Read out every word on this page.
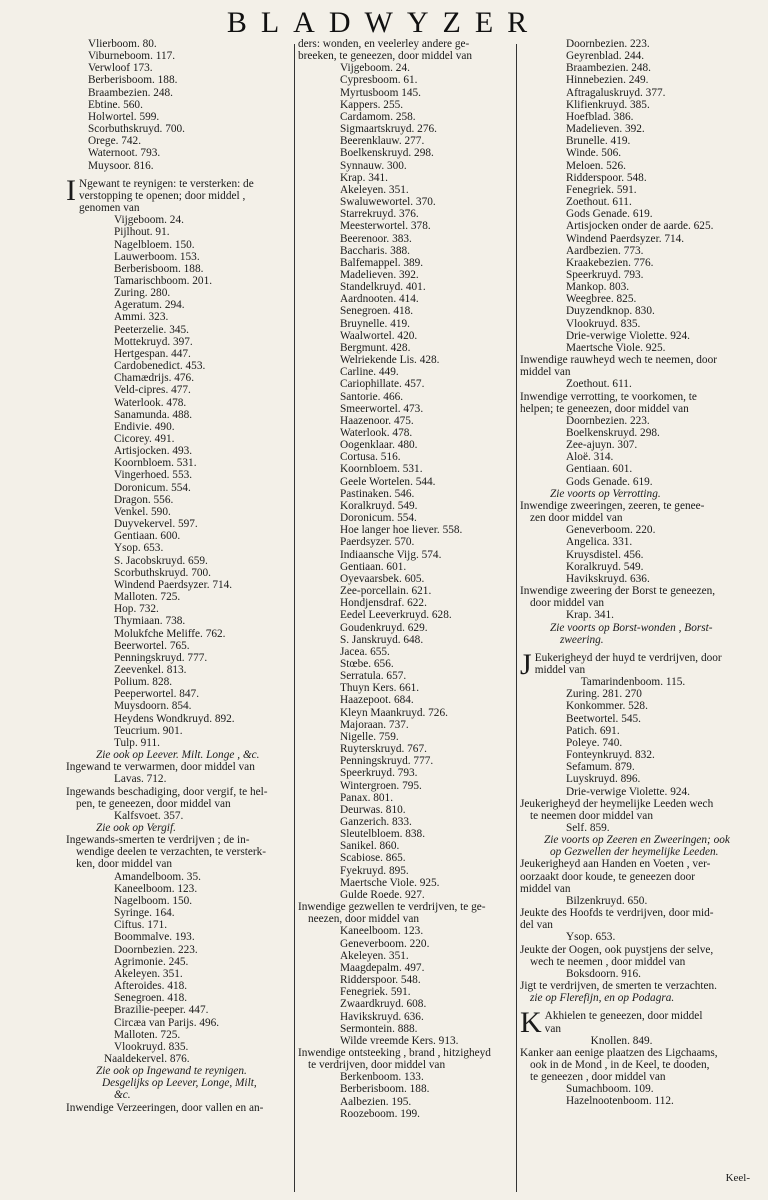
BLADWYZER
Vlierboom. 80.
Viburneboom. 117.
Verwloof 173.
Berberisboom. 188.
Braambezien. 248.
Ebtine. 560.
Holwortel. 599.
Scorbuthskruyd. 700.
Orege. 742.
Waternoot. 793.
Muysoor. 816.
I Ngewant te reynigen: te versterken: de
verstopping te openen; door middel ,
genomen van
Vijgeboom. 24.
Pijlhout. 91.
Nagelbloem. 150.
Lauwerboom. 153.
Berberisboom. 188.
Tamarischboom. 201.
Zuring. 280.
Ageratum. 294.
Ammi. 323.
Peeterzelie. 345.
Mottekruyd. 397.
Hertgespan. 447.
Cardobenedict. 453.
Chamædrijs. 476.
Veld-cipres. 477.
Waterlook. 478.
Sanamunda. 488.
Endivie. 490.
Cicorey. 491.
Artisjocken. 493.
Koornbloem. 531.
Vingerhoed. 553.
Doronicum. 554.
Dragon. 556.
Venkel. 590.
Duyvekervel. 597.
Gentiaan. 600.
Ysop. 653.
S. Jacobskruyd. 659.
Scorbuthskruyd. 700.
Windend Paerdsyzer. 714.
Malloten. 725.
Hop. 732.
Thymiaan. 738.
Molukfche Meliffe. 762.
Beerwortel. 765.
Penningskruyd. 777.
Zeevenkel. 813.
Polium. 828.
Peeperwortel. 847.
Muysdoorn. 854.
Heydens Wondkruyd. 892.
Teucrium. 901.
Tulp. 911.
Zie ook op Leever. Milt. Longe , &c.
Ingewand te verwarmen, door middel van
Lavas. 712.
Ingewands beschadiging, door vergif, te hel-
pen, te geneezen, door middel van
Kalfsvoet. 357.
Zie ook op Vergif.
Ingewands-smerten te verdrijven ; de in-
wendige deelen te verzachten, te versterk-
ken, door middel van
Amandelboom. 35.
Kaneelboom. 123.
Nagelboom. 150.
Syringe. 164.
Ciftus. 171.
Boommalve. 193.
Doornbezien. 223.
Agrimonie. 245.
Akeleyen. 351.
Afteroides. 418.
Senegroen. 418.
Brazilie-peeper. 447.
Circæa van Parijs. 496.
Malloten. 725.
Vlookruyd. 835.
Naaldekervel. 876.
Zie ook op Ingewand te reynigen.
Desgelijks op Leever, Longe, Milt,
&c.
Inwendige Verzeeringen, door vallen en an-
ders: wonden, en veelerley andere ge-
breeken, te geneezen, door middel van
Vijgeboom. 24.
Cypresboom. 61.
Myrtusboom 145.
Kappers. 255.
Cardamom. 258.
Sigmaartskruyd. 276.
Beerenklauw. 277.
Boelkenskruyd. 298.
Synnauw. 300.
Krap. 341.
Akeleyen. 351.
Swaluwewortel. 370.
Starrekruyd. 376.
Meesterwortel. 378.
Beerenoor. 383.
Baccharis. 388.
Balfemappel. 389.
Madelieven. 392.
Standelkruyd. 401.
Aardnooten. 414.
Senegroen. 418.
Bruynelle. 419.
Waalwortel. 420.
Bergmunt. 428.
Welriekende Lis. 428.
Carline. 449.
Cariophillate. 457.
Santorie. 466.
Smeerwortel. 473.
Haazenoor. 475.
Waterlook. 478.
Oogenklaar. 480.
Cortusa. 516.
Koornbloem. 531.
Geele Wortelen. 544.
Pastinaken. 546.
Koralkruyd. 549.
Doronicum. 554.
Hoe langer hoe liever. 558.
Paerdsyzer. 570.
Indiaansche Vijg. 574.
Gentiaan. 601.
Oyevaarsbek. 605.
Zee-porcellain. 621.
Hondjensdraf. 622.
Eedel Leeverkruyd. 628.
Goudenkruyd. 629.
S. Janskruyd. 648.
Jacea. 655.
Stœbe. 656.
Serratula. 657.
Thuyn Kers. 661.
Haazepoot. 684.
Kleyn Maankruyd. 726.
Majoraan. 737.
Nigelle. 759.
Ruyterskruyd. 767.
Penningskruyd. 777.
Speerkruyd. 793.
Wintergroen. 795.
Panax. 801.
Deurwas. 810.
Ganzerich. 833.
Sleutelbloem. 838.
Sanikel. 860.
Scabiose. 865.
Fyekruyd. 895.
Maertsche Viole. 925.
Gulde Roede. 927.
Inwendige gezwellen te verdrijven, te ge-
neezen, door middel van
Kaneelboom. 123.
Geneverboom. 220.
Akeleyen. 351.
Maagdepalm. 497.
Ridderspoor. 548.
Fenegriek. 591.
Zwaardkruyd. 608.
Havikskruyd. 636.
Sermontein. 888.
Wilde vreemde Kers. 913.
Inwendige ontsteeking , brand , hitzigheyd
te verdrijven, door middel van
Berkenboom. 133.
Berberisboom. 188.
Aalbezien. 195.
Roozeboom. 199.
Doornbezien. 223.
Geyrenblad. 244.
Braambezien. 248.
Hinnebezien. 249.
Aftragaluskruyd. 377.
Klifienkruyd. 385.
Hoefblad. 386.
Madelieven. 392.
Brunelle. 419.
Winde. 506.
Meloen. 526.
Ridderspoor. 548.
Fenegriek. 591.
Zoethout. 611.
Gods Genade. 619.
Artisjocken onder de aarde. 625.
Windend Paerdsyzer. 714.
Aardbezien. 773.
Kraakebezien. 776.
Speerkruyd. 793.
Mankop. 803.
Weegbree. 825.
Duyzendknop. 830.
Vlookruyd. 835.
Drie-verwige Violette. 924.
Maertsche Viole. 925.
Inwendige rauwheyd wech te neemen, door
middel van
Zoethout. 611.
Inwendige verrotting, te voorkomen, te
helpen; te geneezen, door middel van
Doornbezien. 223.
Boelkenskruyd. 298.
Zee-ajuyn. 307.
Aloë. 314.
Gentiaan. 601.
Gods Genade. 619.
Zie voorts op Verrotting.
Inwendige zweeringen, zeeren, te genee-
zen door middel van
Geneverboom. 220.
Angelica. 331.
Kruysdistel. 456.
Koralkruyd. 549.
Havikskruyd. 636.
Inwendige zweering der Borst te geneezen,
door middel van
Krap. 341.
Zie voorts op Borst-wonden , Borst-
zweering.
J Eukerigheyd der huyd te verdrijven, door
middel van
Tamarindenboom. 115.
Zuring. 281. 270
Konkommer. 528.
Beetwortel. 545.
Patich. 691.
Poleye. 740.
Fonteynkruyd. 832.
Sefamum. 879.
Luyskruyd. 896.
Drie-verwige Violette. 924.
Jeukerigheyd der heymelijke Leeden wech
te neemen door middel van
Self. 859.
Zie voorts op Zeeren en Zweeringen; ook
op Gezwellen der heymelijke Leeden.
Jeukerigheyd aan Handen en Voeten , ver-
oorzaakt door koude, te geneezen door
middel van
Bilzenkruyd. 650.
Jeukte des Hoofds te verdrijven, door mid-
del van
Ysop. 653.
Jeukte der Oogen, ook puystjens der selve,
wech te neemen , door middel van
Boksdoorn. 916.
Jigt te verdrijven, de smerten te verzachten.
zie op Flerefijn, en op Podagra.
K Akhielen te geneezen, door middel
van
Knollen. 849.
Kanker aan eenige plaatzen des Ligchaams,
ook in de Mond , in de Keel, te dooden,
te geneezen , door middel van
Sumachboom. 109.
Hazelnootenboom. 112.
Keel-
